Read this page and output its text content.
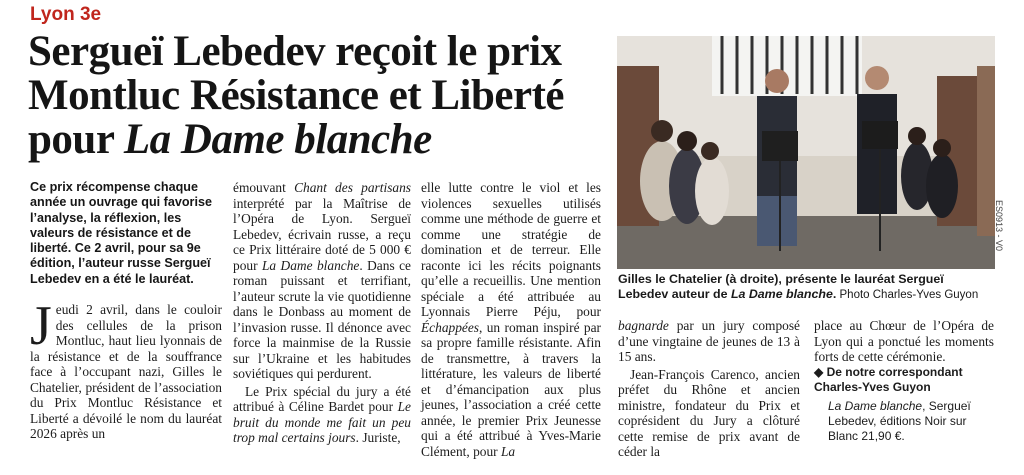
Lyon 3e
Sergueï Lebedev reçoit le prix
Montluc Résistance et Liberté
pour La Dame blanche
Ce prix récompense chaque année un ouvrage qui favorise l’analyse, la réflexion, les valeurs de résistance et de liberté. Ce 2 avril, pour sa 9e édition, l’auteur russe Sergueï Lebedev en a été le lauréat.
Jeudi 2 avril, dans le couloir des cellules de la prison Montluc, haut lieu lyonnais de la résistance et de la souffrance face à l’occupant nazi, Gilles le Chatelier, président de l’association du Prix Montluc Résistance et Liberté a dévoilé le nom du lauréat 2026 après un

émouvant Chant des partisans interprété par la Maîtrise de l’Opéra de Lyon. Sergueï Lebedev, écrivain russe, a reçu ce Prix littéraire doté de 5 000 € pour La Dame blanche. Dans ce roman puissant et terrifiant, l’auteur scrute la vie quotidienne dans le Donbass au moment de l’invasion russe. Il dénonce avec force la mainmise de la Russie sur l’Ukraine et les habitudes soviétiques qui perdurent.

Le Prix spécial du jury a été attribué à Céline Bardet pour Le bruit du monde me fait un peu trop mal certains jours. Juriste,

elle lutte contre le viol et les violences sexuelles utilisés comme une méthode de guerre et comme une stratégie de domination et de terreur. Elle raconte ici les récits poignants qu’elle a recueillis. Une mention spéciale a été attribuée au Lyonnais Pierre Péju, pour Échappées, un roman inspiré par sa propre famille résistante. Afin de transmettre, à travers la littérature, les valeurs de liberté et d’émancipation aux plus jeunes, l’association a créé cette année, le premier Prix Jeunesse qui a été attribué à Yves-Marie Clément, pour La

ES0913 - V0
Gilles le Chatelier (à droite), présente le lauréat Sergueï Lebedev auteur de La Dame blanche. Photo Charles-Yves Guyon

bagnarde par un jury composé d’une vingtaine de jeunes de 13 à 15 ans.

Jean-François Carenco, ancien préfet du Rhône et ancien ministre, fondateur du Prix et coprésident du Jury a clôturé cette remise de prix avant de céder la

place au Chœur de l’Opéra de Lyon qui a ponctué les moments forts de cette cérémonie.

◆ De notre correspondant

Charles-Yves Guyon

La Dame blanche, Sergueï Lebedev, éditions Noir sur Blanc 21,90 €.
